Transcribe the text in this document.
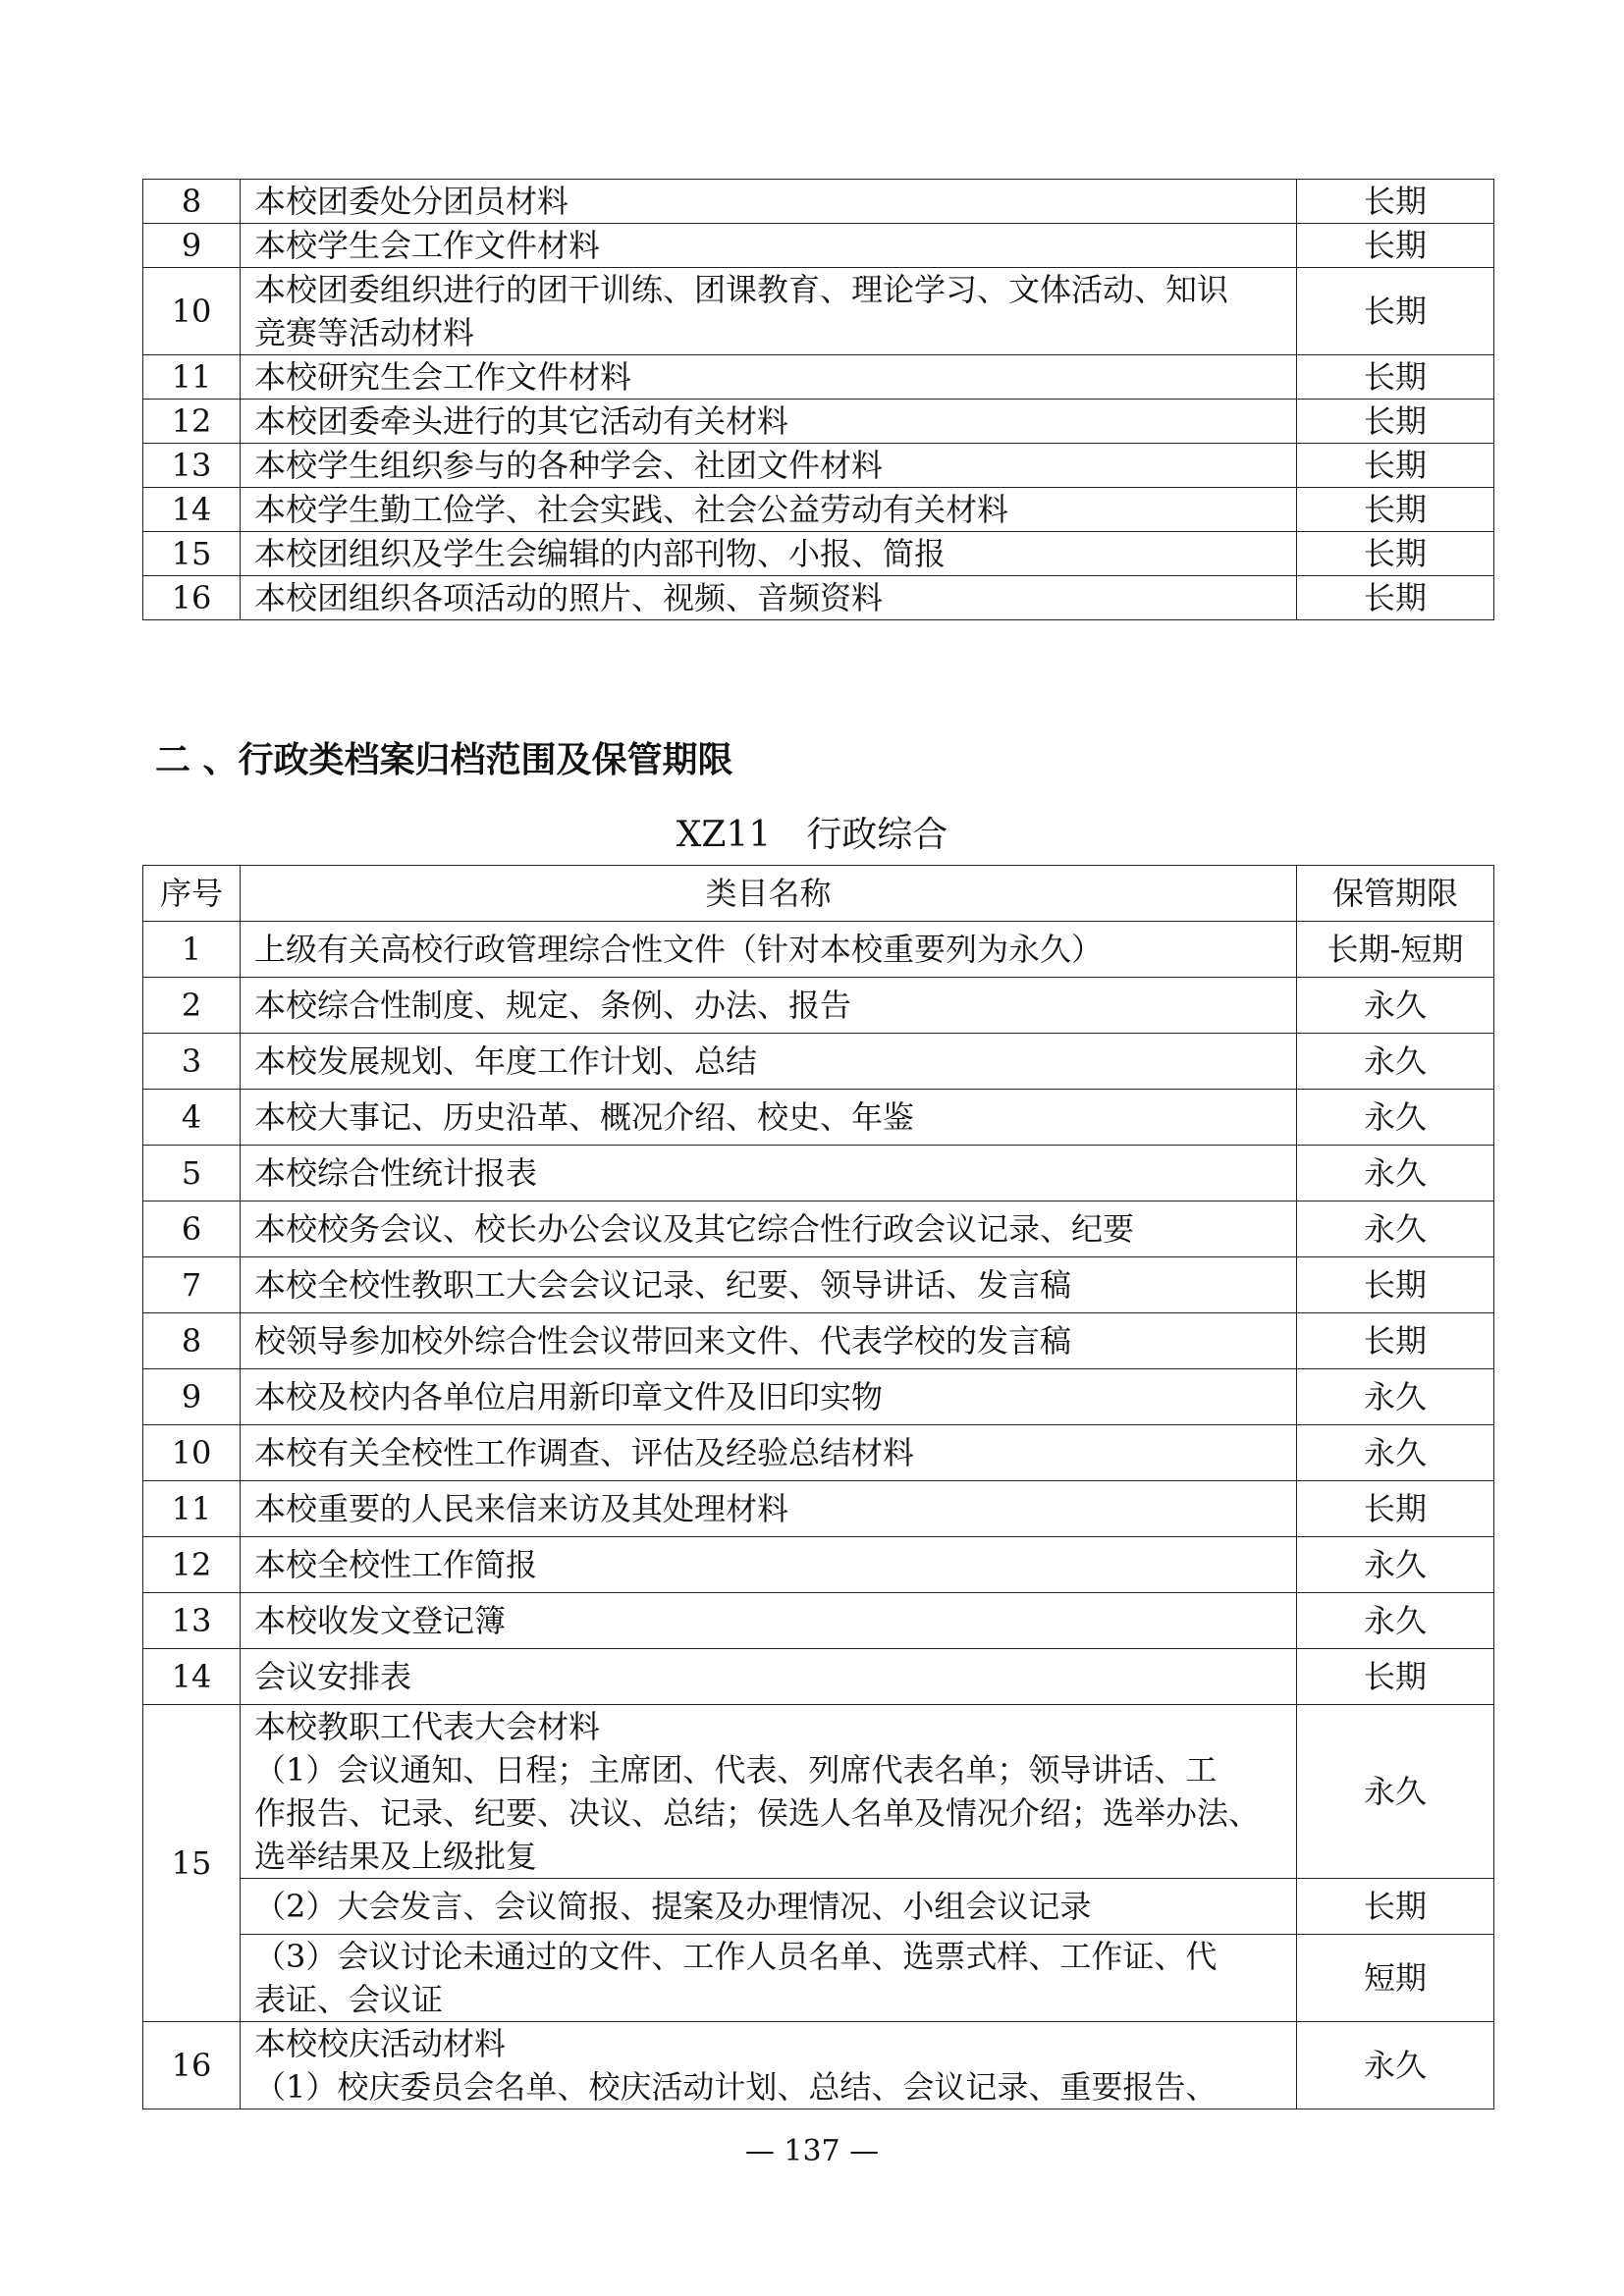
8	本校团委处分团员材料	长期
9	本校学生会工作文件材料	长期
10	本校团委组织进行的团干训练、团课教育、理论学习、文体活动、知识
竞赛等活动材料	长期
11	本校研究生会工作文件材料	长期
12	本校团委牵头进行的其它活动有关材料	长期
13	本校学生组织参与的各种学会、社团文件材料	长期
14	本校学生勤工俭学、社会实践、社会公益劳动有关材料	长期
15	本校团组织及学生会编辑的内部刊物、小报、简报	长期
16	本校团组织各项活动的照片、视频、音频资料	长期
二 、行政类档案归档范围及保管期限
XZ11　行政综合
序号	类目名称	保管期限
1	上级有关高校行政管理综合性文件（针对本校重要列为永久）	长期-短期
2	本校综合性制度、规定、条例、办法、报告	永久
3	本校发展规划、年度工作计划、总结	永久
4	本校大事记、历史沿革、概况介绍、校史、年鉴	永久
5	本校综合性统计报表	永久
6	本校校务会议、校长办公会议及其它综合性行政会议记录、纪要	永久
7	本校全校性教职工大会会议记录、纪要、领导讲话、发言稿	长期
8	校领导参加校外综合性会议带回来文件、代表学校的发言稿	长期
9	本校及校内各单位启用新印章文件及旧印实物	永久
10	本校有关全校性工作调查、评估及经验总结材料	永久
11	本校重要的人民来信来访及其处理材料	长期
12	本校全校性工作简报	永久
13	本校收发文登记簿	永久
14	会议安排表	长期
15	本校教职工代表大会材料
（1）会议通知、日程；主席团、代表、列席代表名单；领导讲话、工
作报告、记录、纪要、决议、总结；侯选人名单及情况介绍；选举办法、
选举结果及上级批复	永久

	（2）大会发言、会议简报、提案及办理情况、小组会议记录	长期

	（3）会议讨论未通过的文件、工作人员名单、选票式样、工作证、代
表证、会议证	短期
16	本校校庆活动材料
（1）校庆委员会名单、校庆活动计划、总结、会议记录、重要报告、	永久
— 137 —
